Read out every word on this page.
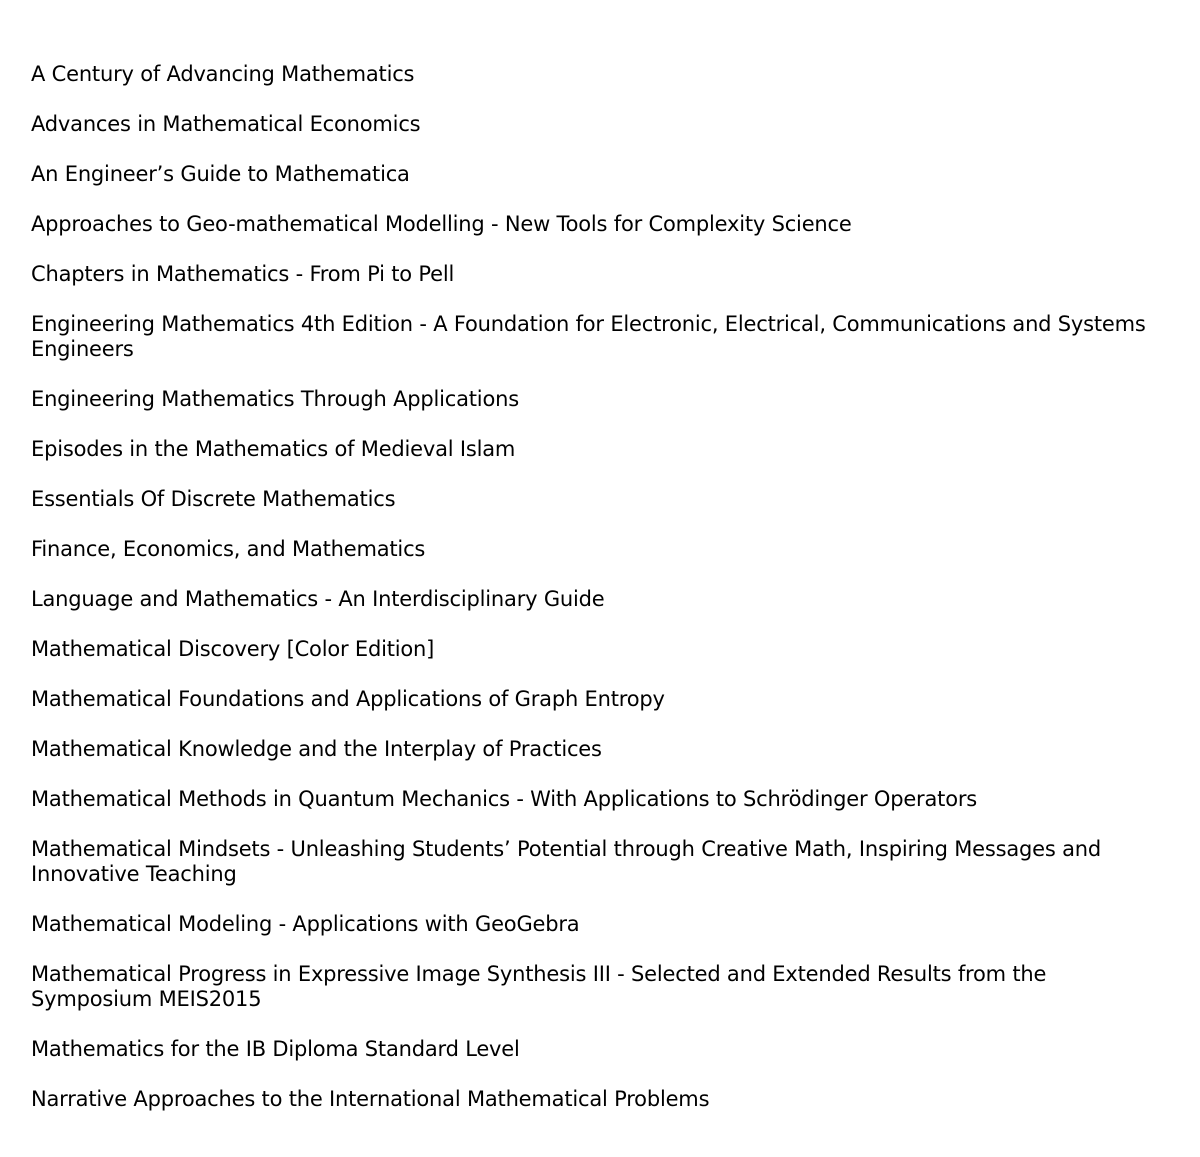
A Century of Advancing Mathematics
Advances in Mathematical Economics
An Engineer’s Guide to Mathematica
Approaches to Geo-mathematical Modelling - New Tools for Complexity Science
Chapters in Mathematics - From Pi to Pell
Engineering Mathematics 4th Edition - A Foundation for Electronic, Electrical, Communications and Systems Engineers
Engineering Mathematics Through Applications
Episodes in the Mathematics of Medieval Islam
Essentials Of Discrete Mathematics
Finance, Economics, and Mathematics
Language and Mathematics - An Interdisciplinary Guide
Mathematical Discovery [Color Edition]
Mathematical Foundations and Applications of Graph Entropy
Mathematical Knowledge and the Interplay of Practices
Mathematical Methods in Quantum Mechanics - With Applications to Schrödinger Operators
Mathematical Mindsets - Unleashing Students’ Potential through Creative Math, Inspiring Messages and Innovative Teaching
Mathematical Modeling - Applications with GeoGebra
Mathematical Progress in Expressive Image Synthesis III - Selected and Extended Results from the Symposium MEIS2015
Mathematics for the IB Diploma Standard Level
Narrative Approaches to the International Mathematical Problems
